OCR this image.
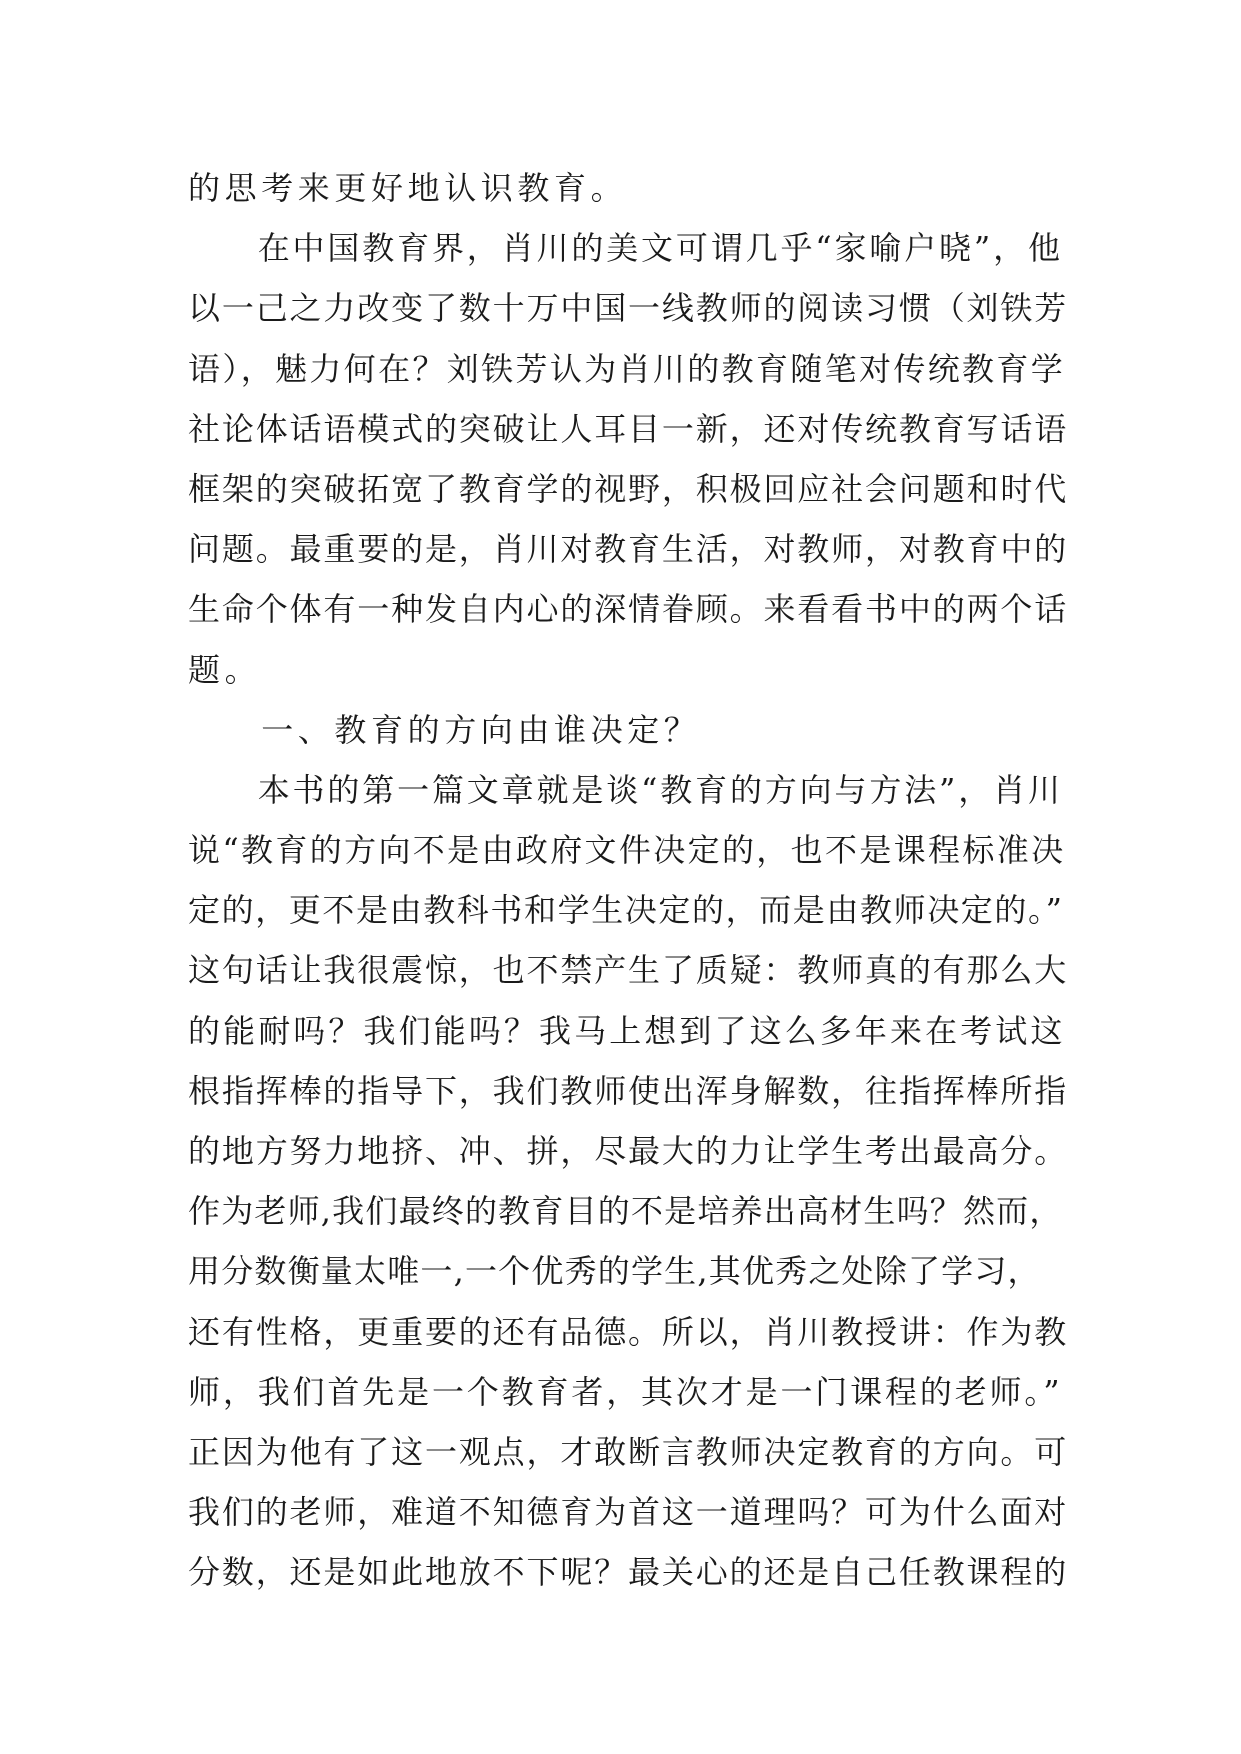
的思考来更好地认识教育。
　　在中国教育界，肖川的美文可谓几乎“家喻户晓”，他
以一己之力改变了数十万中国一线教师的阅读习惯（刘铁芳
语），魅力何在？刘铁芳认为肖川的教育随笔对传统教育学
社论体话语模式的突破让人耳目一新，还对传统教育写话语
框架的突破拓宽了教育学的视野，积极回应社会问题和时代
问题。最重要的是，肖川对教育生活，对教师，对教育中的
生命个体有一种发自内心的深情眷顾。来看看书中的两个话
题。
　　一、教育的方向由谁决定？
　　本书的第一篇文章就是谈“教育的方向与方法”，肖川
说“教育的方向不是由政府文件决定的，也不是课程标准决
定的，更不是由教科书和学生决定的，而是由教师决定的。”
这句话让我很震惊，也不禁产生了质疑：教师真的有那么大
的能耐吗？我们能吗？我马上想到了这么多年来在考试这
根指挥棒的指导下，我们教师使出浑身解数，往指挥棒所指
的地方努力地挤、冲、拼，尽最大的力让学生考出最高分。
作为老师,我们最终的教育目的不是培养出高材生吗？然而，
用分数衡量太唯一,一个优秀的学生,其优秀之处除了学习，
还有性格，更重要的还有品德。所以，肖川教授讲：作为教
师，我们首先是一个教育者，其次才是一门课程的老师。”
正因为他有了这一观点，才敢断言教师决定教育的方向。可
我们的老师，难道不知德育为首这一道理吗？可为什么面对
分数，还是如此地放不下呢？最关心的还是自己任教课程的
